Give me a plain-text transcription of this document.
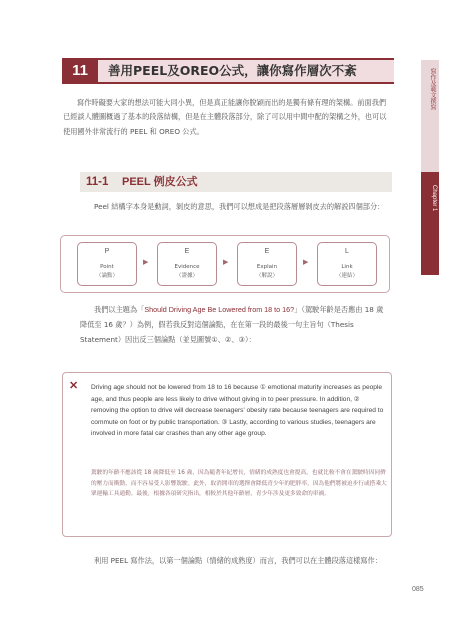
11	善用PEEL及OREO公式，讓你寫作層次不紊
寫作時礙要大家的想法可能大同小異，但是真正能讓你脫穎而出的是獨有條有理的架構。前面我們已經談人體圖概過了基本的段落結構，但是在主體段落部分，除了可以用中間中配的架構之外，也可以使用國外非常流行的 PEEL 和 OREO 公式。
11-1 PEEL 例皮公式
Peel 結構字本身是動詞，剝皮的意思，我們可以想成是把段落層層剝皮去的解説四個部分：
P
Point
（論點）
▶
E
Evidence
（證據）
▶
E
Explain
（解說）
▶
L
Link
（連結）
我們以主題為「Should Driving Age Be Lowered from 18 to 16?」（駕駛年齡是否應由 18 歲降低至 16 歲？）為例，假若我反對這個論點，在在第一段的最後一句主旨句（Thesis Statement）因出反三個論點（並見圖號①、②、③）：
✕ Driving age should not be lowered from 18 to 16 because ① emotional maturity increases as people age, and thus people are less likely to drive without giving in to peer pressure. In addition, ② removing the option to drive will decrease teenagers' obesity rate because teenagers are required to commute on foot or by public transportation. ③ Lastly, according to various studies, teenagers are involved in more fatal car crashes than any other age group.
駕駛的年齡不應該從 18 歲降低至 16 歲，因為隨著年紀增長，情緒的成熟度也會提高，也就比較不會在駕駛時因同儕的壓力而衝動，而不容易受人影響駕駛。此外，取消開車的選擇會降低青少年的肥胖率，因為他們將被迫步行或搭乘大眾運輸工具通勤。最後，根據各項研究指出，相較於其他年齡層，青少年涉及更多致命的車禍。
利用 PEEL 寫作法，以第一個論點（情緒的成熟度）而言，我們可以在主體段落這樣寫作：
085
寫作及範文撰寫
Chapter 1
